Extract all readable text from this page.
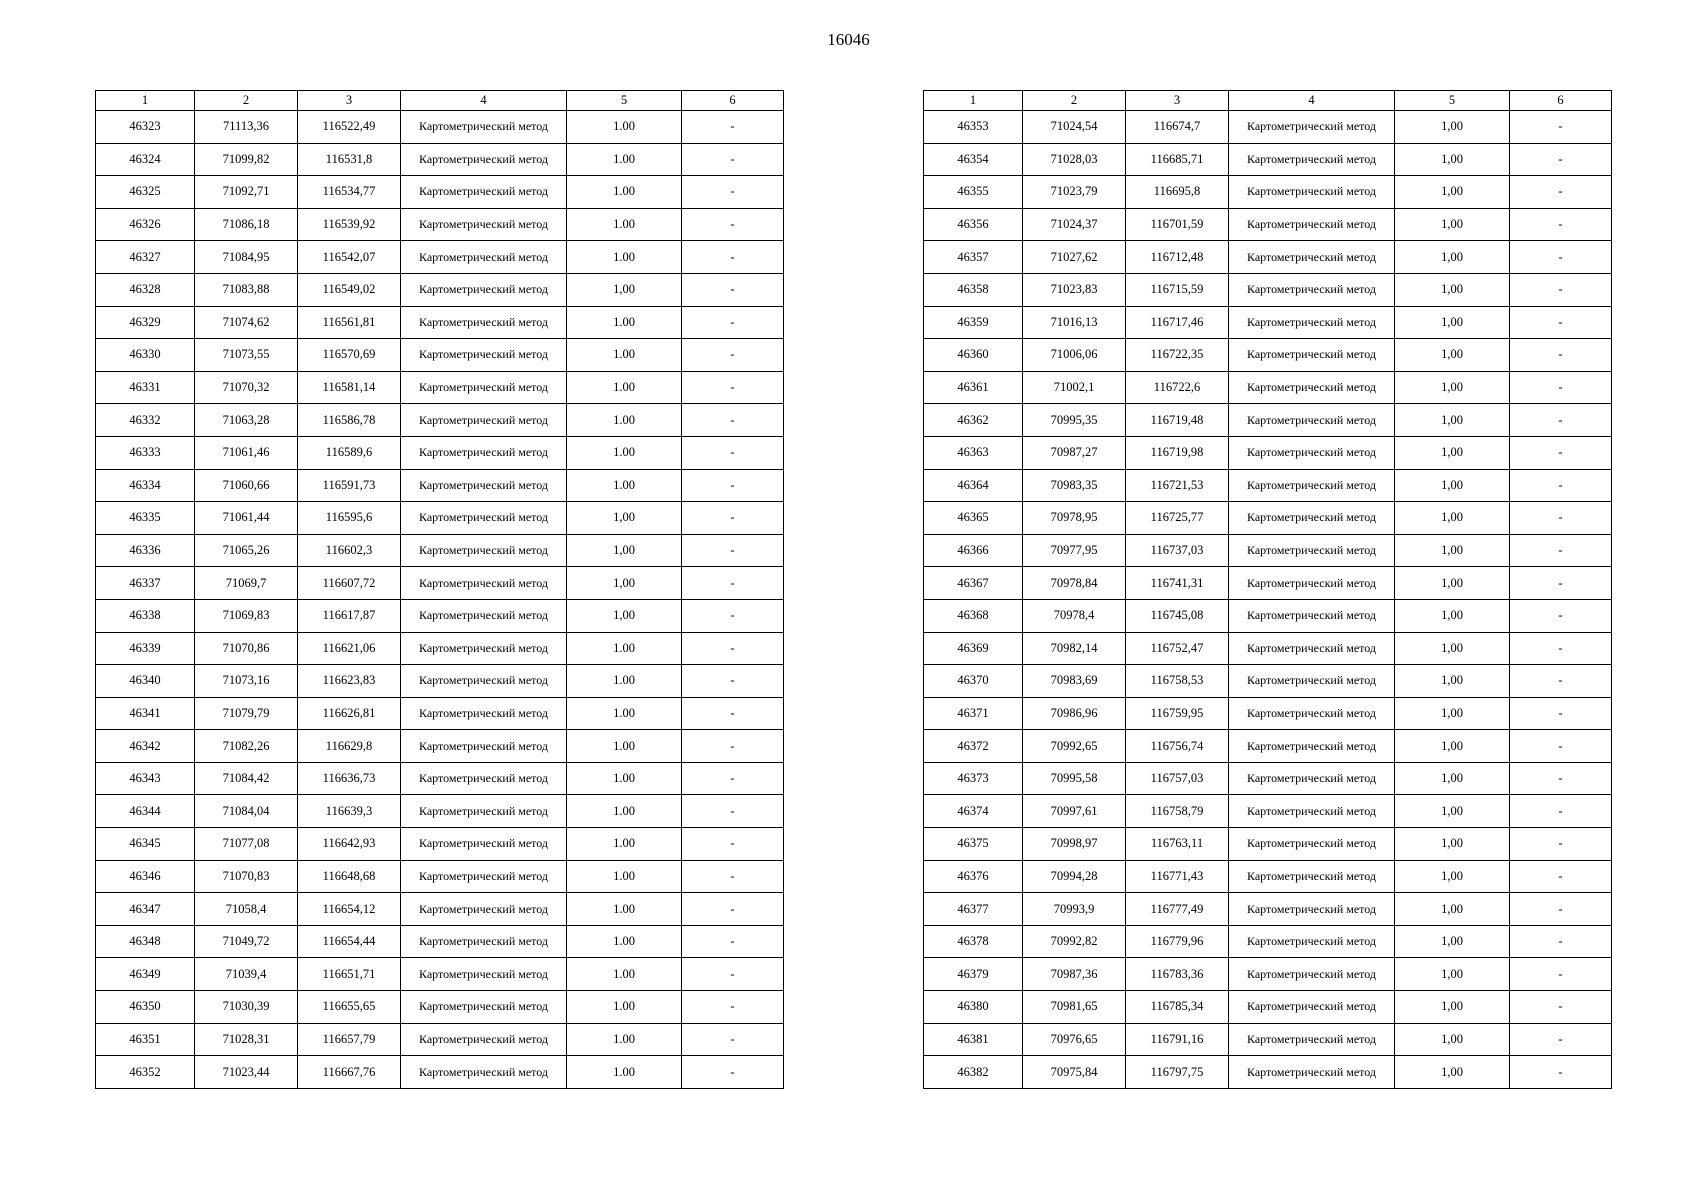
16046
1	2	3	4	5	6
46323	71113,36	116522,49	Картометрический метод	1.00	-
46324	71099,82	116531,8	Картометрический метод	1.00	-
46325	71092,71	116534,77	Картометрический метод	1.00	-
46326	71086,18	116539,92	Картометрический метод	1.00	-
46327	71084,95	116542,07	Картометрический метод	1.00	-
46328	71083,88	116549,02	Картометрический метод	1,00	-
46329	71074,62	116561,81	Картометрический метод	1.00	-
46330	71073,55	116570,69	Картометрический метод	1.00	-
46331	71070,32	116581,14	Картометрический метод	1.00	-
46332	71063,28	116586,78	Картометрический метод	1.00	-
46333	71061,46	116589,6	Картометрический метод	1.00	-
46334	71060,66	116591,73	Картометрический метод	1.00	-
46335	71061,44	116595,6	Картометрический метод	1,00	-
46336	71065,26	116602,3	Картометрический метод	1,00	-
46337	71069,7	116607,72	Картометрический метод	1,00	-
46338	71069,83	116617,87	Картометрический метод	1,00	-
46339	71070,86	116621,06	Картометрический метод	1.00	-
46340	71073,16	116623,83	Картометрический метод	1.00	-
46341	71079,79	116626,81	Картометрический метод	1.00	-
46342	71082,26	116629,8	Картометрический метод	1.00	-
46343	71084,42	116636,73	Картометрический метод	1.00	-
46344	71084,04	116639,3	Картометрический метод	1.00	-
46345	71077,08	116642,93	Картометрический метод	1.00	-
46346	71070,83	116648,68	Картометрический метод	1.00	-
46347	71058,4	116654,12	Картометрический метод	1.00	-
46348	71049,72	116654,44	Картометрический метод	1.00	-
46349	71039,4	116651,71	Картометрический метод	1.00	-
46350	71030,39	116655,65	Картометрический метод	1.00	-
46351	71028,31	116657,79	Картометрический метод	1.00	-
46352	71023,44	116667,76	Картометрический метод	1.00	-
1	2	3	4	5	6
46353	71024,54	116674,7	Картометрический метод	1,00	-
46354	71028,03	116685,71	Картометрический метод	1,00	-
46355	71023,79	116695,8	Картометрический метод	1,00	-
46356	71024,37	116701,59	Картометрический метод	1,00	-
46357	71027,62	116712,48	Картометрический метод	1,00	-
46358	71023,83	116715,59	Картометрический метод	1,00	-
46359	71016,13	116717,46	Картометрический метод	1,00	-
46360	71006,06	116722,35	Картометрический метод	1,00	-
46361	71002,1	116722,6	Картометрический метод	1,00	-
46362	70995,35	116719,48	Картометрический метод	1,00	-
46363	70987,27	116719,98	Картометрический метод	1,00	-
46364	70983,35	116721,53	Картометрический метод	1,00	-
46365	70978,95	116725,77	Картометрический метод	1,00	-
46366	70977,95	116737,03	Картометрический метод	1,00	-
46367	70978,84	116741,31	Картометрический метод	1,00	-
46368	70978,4	116745,08	Картометрический метод	1,00	-
46369	70982,14	116752,47	Картометрический метод	1,00	-
46370	70983,69	116758,53	Картометрический метод	1,00	-
46371	70986,96	116759,95	Картометрический метод	1,00	-
46372	70992,65	116756,74	Картометрический метод	1,00	-
46373	70995,58	116757,03	Картометрический метод	1,00	-
46374	70997,61	116758,79	Картометрический метод	1,00	-
46375	70998,97	116763,11	Картометрический метод	1,00	-
46376	70994,28	116771,43	Картометрический метод	1,00	-
46377	70993,9	116777,49	Картометрический метод	1,00	-
46378	70992,82	116779,96	Картометрический метод	1,00	-
46379	70987,36	116783,36	Картометрический метод	1,00	-
46380	70981,65	116785,34	Картометрический метод	1,00	-
46381	70976,65	116791,16	Картометрический метод	1,00	-
46382	70975,84	116797,75	Картометрический метод	1,00	-
